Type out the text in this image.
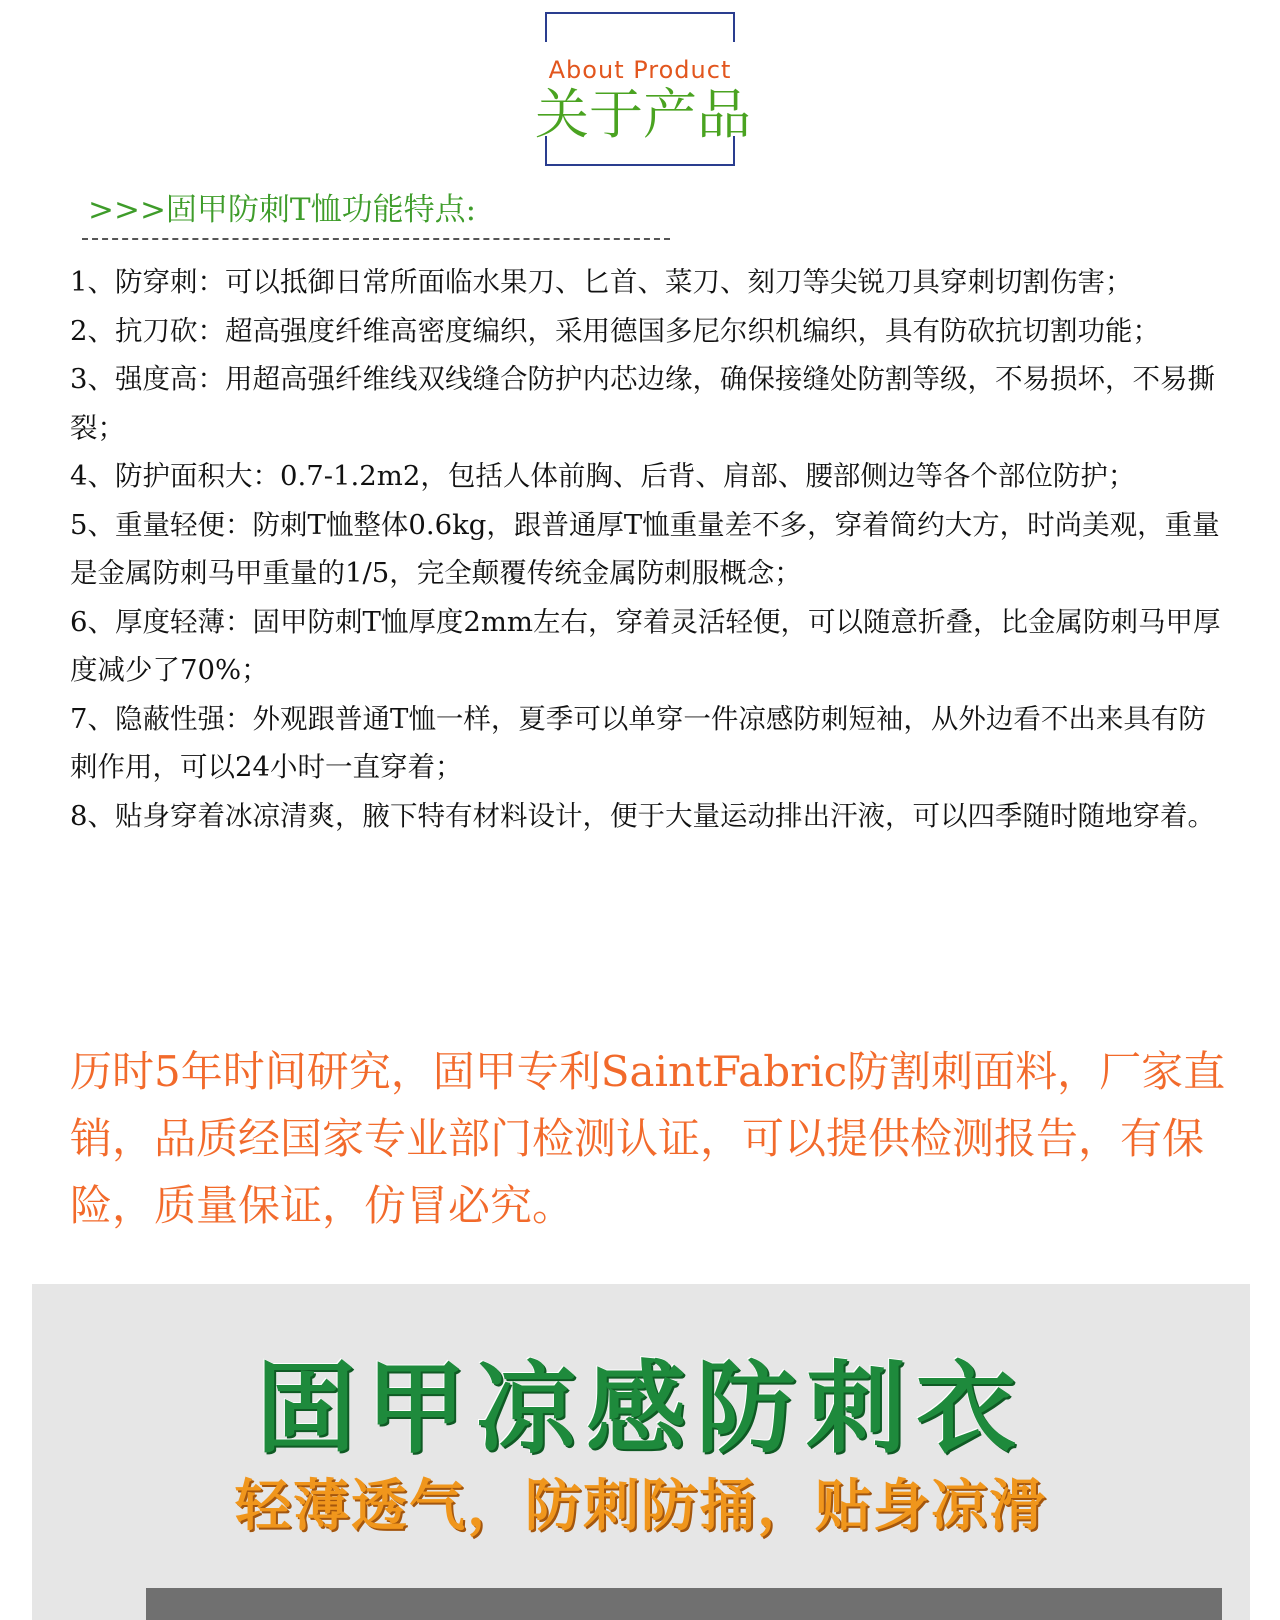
About Product
关于产品
>>>固甲防刺T恤功能特点:

1、防穿刺：可以抵御日常所面临水果刀、匕首、菜刀、刻刀等尖锐刀具穿刺切割伤害；

2、抗刀砍：超高强度纤维高密度编织，采用德国多尼尔织机编织，具有防砍抗切割功能；

3、强度高：用超高强纤维线双线缝合防护内芯边缘，确保接缝处防割等级，不易损坏，不易撕裂；

4、防护面积大：0.7-1.2m2，包括人体前胸、后背、肩部、腰部侧边等各个部位防护；

5、重量轻便：防刺T恤整体0.6kg，跟普通厚T恤重量差不多，穿着简约大方，时尚美观，重量是金属防刺马甲重量的1/5，完全颠覆传统金属防刺服概念；

6、厚度轻薄：固甲防刺T恤厚度2mm左右，穿着灵活轻便，可以随意折叠，比金属防刺马甲厚度减少了70%；

7、隐蔽性强：外观跟普通T恤一样，夏季可以单穿一件凉感防刺短袖，从外边看不出来具有防刺作用，可以24小时一直穿着；

8、贴身穿着冰凉清爽，腋下特有材料设计，便于大量运动排出汗液，可以四季随时随地穿着。

历时5年时间研究，固甲专利SaintFabric防割刺面料，厂家直销，品质经国家专业部门检测认证，可以提供检测报告，有保险，质量保证，仿冒必究。
固甲凉感防刺衣
轻薄透气，防刺防捅，贴身凉滑
